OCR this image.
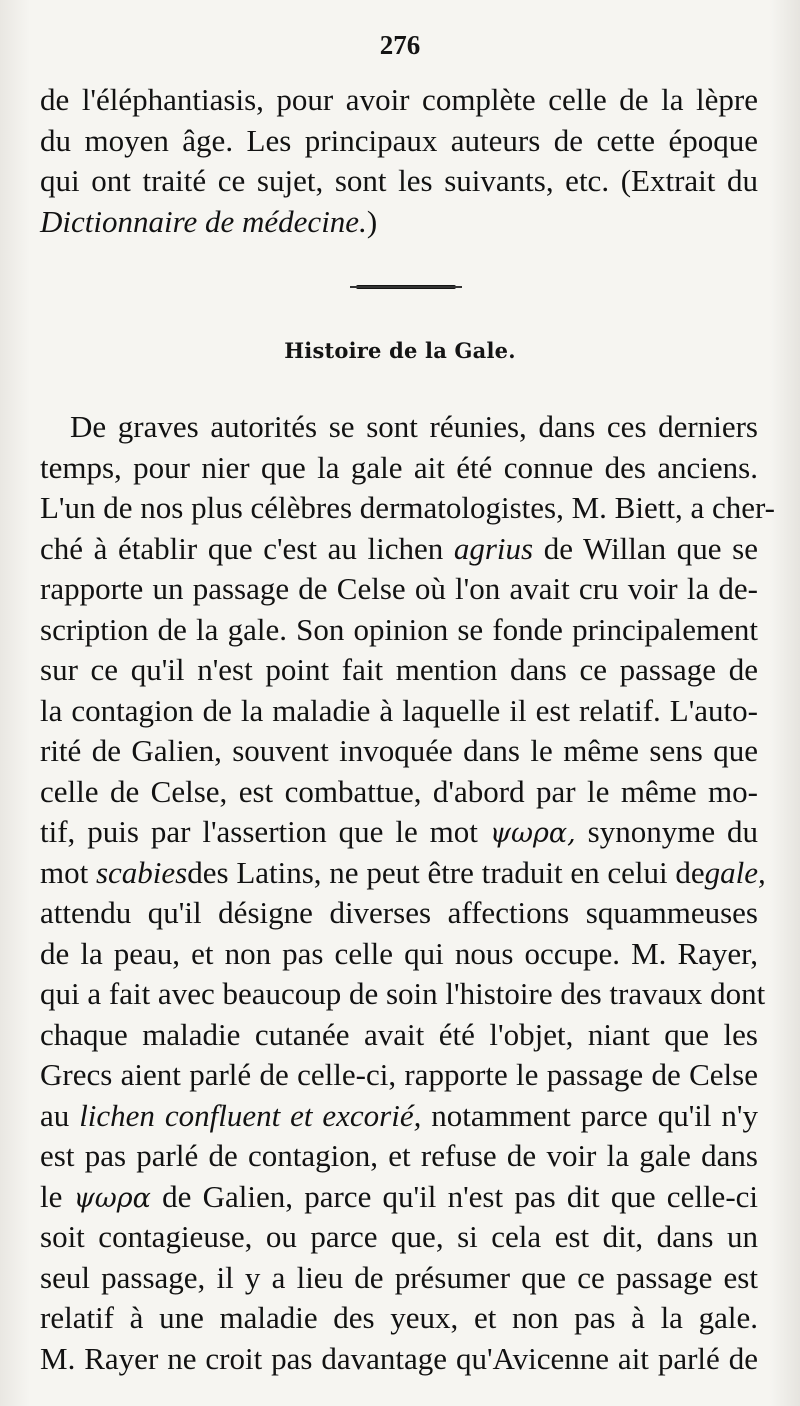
276
de l'éléphantiasis, pour avoir complète celle de la lèpre
du moyen âge. Les principaux auteurs de cette époque
qui ont traité ce sujet, sont les suivants, etc. (Extrait du
Dictionnaire de médecine.)
Histoire de la Gale.
De graves autorités se sont réunies, dans ces derniers
temps, pour nier que la gale ait été connue des anciens.
L'un de nos plus célèbres dermatologistes, M. Biett, a cher-
ché à établir que c'est au lichen agrius de Willan que se
rapporte un passage de Celse où l'on avait cru voir la de-
scription de la gale. Son opinion se fonde principalement
sur ce qu'il n'est point fait mention dans ce passage de
la contagion de la maladie à laquelle il est relatif. L'auto-
rité de Galien, souvent invoquée dans le même sens que
celle de Celse, est combattue, d'abord par le même mo-
tif, puis par l'assertion que le mot ψωρα, synonyme du
mot scabiesdes Latins, ne peut être traduit en celui degale,
attendu qu'il désigne diverses affections squammeuses
de la peau, et non pas celle qui nous occupe. M. Rayer,
qui a fait avec beaucoup de soin l'histoire des travaux dont
chaque maladie cutanée avait été l'objet, niant que les
Grecs aient parlé de celle-ci, rapporte le passage de Celse
au lichen confluent et excorié, notamment parce qu'il n'y
est pas parlé de contagion, et refuse de voir la gale dans
le ψωρα de Galien, parce qu'il n'est pas dit que celle-ci
soit contagieuse, ou parce que, si cela est dit, dans un
seul passage, il y a lieu de présumer que ce passage est
relatif à une maladie des yeux, et non pas à la gale.
M. Rayer ne croit pas davantage qu'Avicenne ait parlé de
